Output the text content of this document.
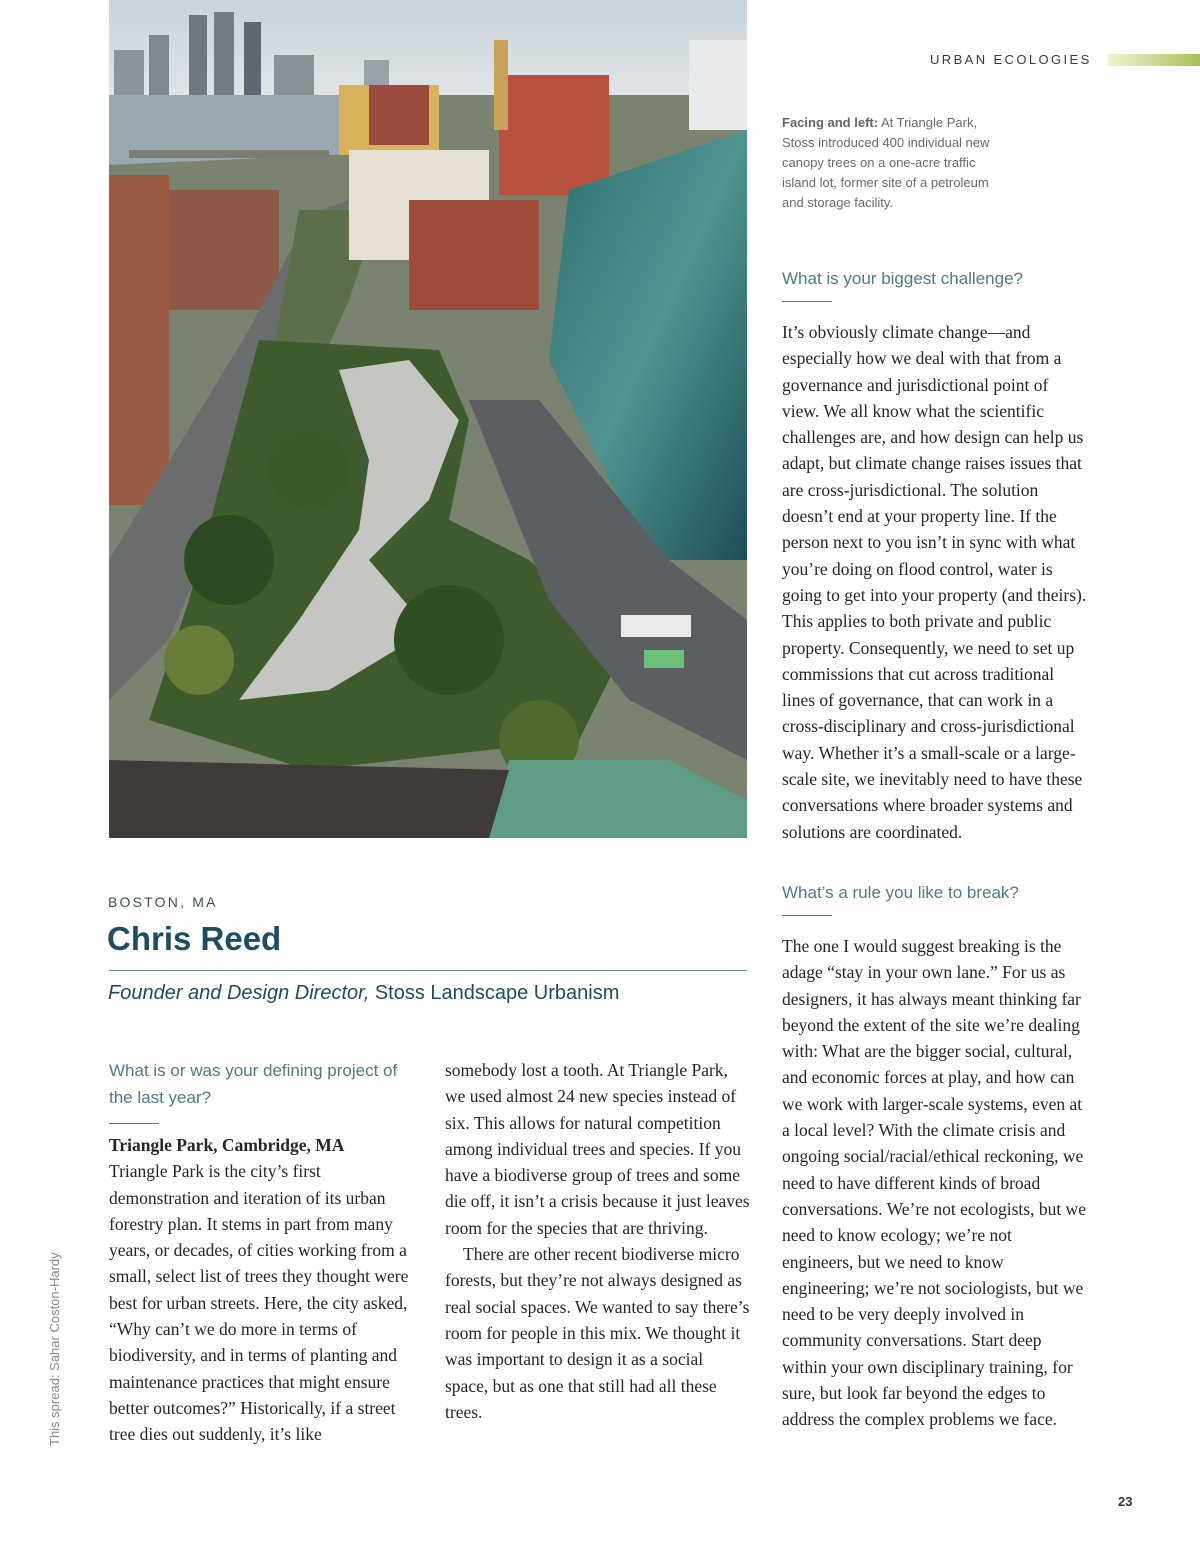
URBAN ECOLOGIES
Facing and left: At Triangle Park, Stoss introduced 400 individual new canopy trees on a one-acre traffic island lot, former site of a petroleum and storage facility.

What is your biggest challenge?

It’s obviously climate change—and especially how we deal with that from a governance and jurisdictional point of view. We all know what the scientific challenges are, and how design can help us adapt, but climate change raises issues that are cross-jurisdictional. The solution doesn’t end at your property line. If the person next to you isn’t in sync with what you’re doing on flood control, water is going to get into your property (and theirs). This applies to both private and public property. Consequently, we need to set up commissions that cut across traditional lines of governance, that can work in a cross-disciplinary and cross-jurisdictional way. Whether it’s a small-scale or a large-scale site, we inevitably need to have these conversations where broader systems and solutions are coordinated.

What’s a rule you like to break?

The one I would suggest breaking is the adage “stay in your own lane.” For us as designers, it has always meant thinking far beyond the extent of the site we’re dealing with: What are the bigger social, cultural, and economic forces at play, and how can we work with larger-scale systems, even at a local level? With the climate crisis and ongoing social/racial/ethical reckoning, we need to have different kinds of broad conversations. We’re not ecologists, but we need to know ecology; we’re not engineers, but we need to know engineering; we’re not sociologists, but we need to be very deeply involved in community conversations. Start deep within your own disciplinary training, for sure, but look far beyond the edges to address the complex problems we face.

BOSTON, MA
Chris Reed
Founder and Design Director, Stoss Landscape Urbanism

What is or was your defining project of the last year?

Triangle Park, Cambridge, MA

Triangle Park is the city’s first demonstration and iteration of its urban forestry plan. It stems in part from many years, or decades, of cities working from a small, select list of trees they thought were best for urban streets. Here, the city asked, “Why can’t we do more in terms of biodiversity, and in terms of planting and maintenance practices that might ensure better outcomes?” Historically, if a street tree dies out suddenly, it’s like

somebody lost a tooth. At Triangle Park, we used almost 24 new species instead of six. This allows for natural competition among individual trees and species. If you have a biodiverse group of trees and some die off, it isn’t a crisis because it just leaves room for the species that are thriving.

There are other recent biodiverse micro forests, but they’re not always designed as real social spaces. We wanted to say there’s room for people in this mix. We thought it was important to design it as a social space, but as one that still had all these trees.

This spread: Sahar Coston-Hardy
23
